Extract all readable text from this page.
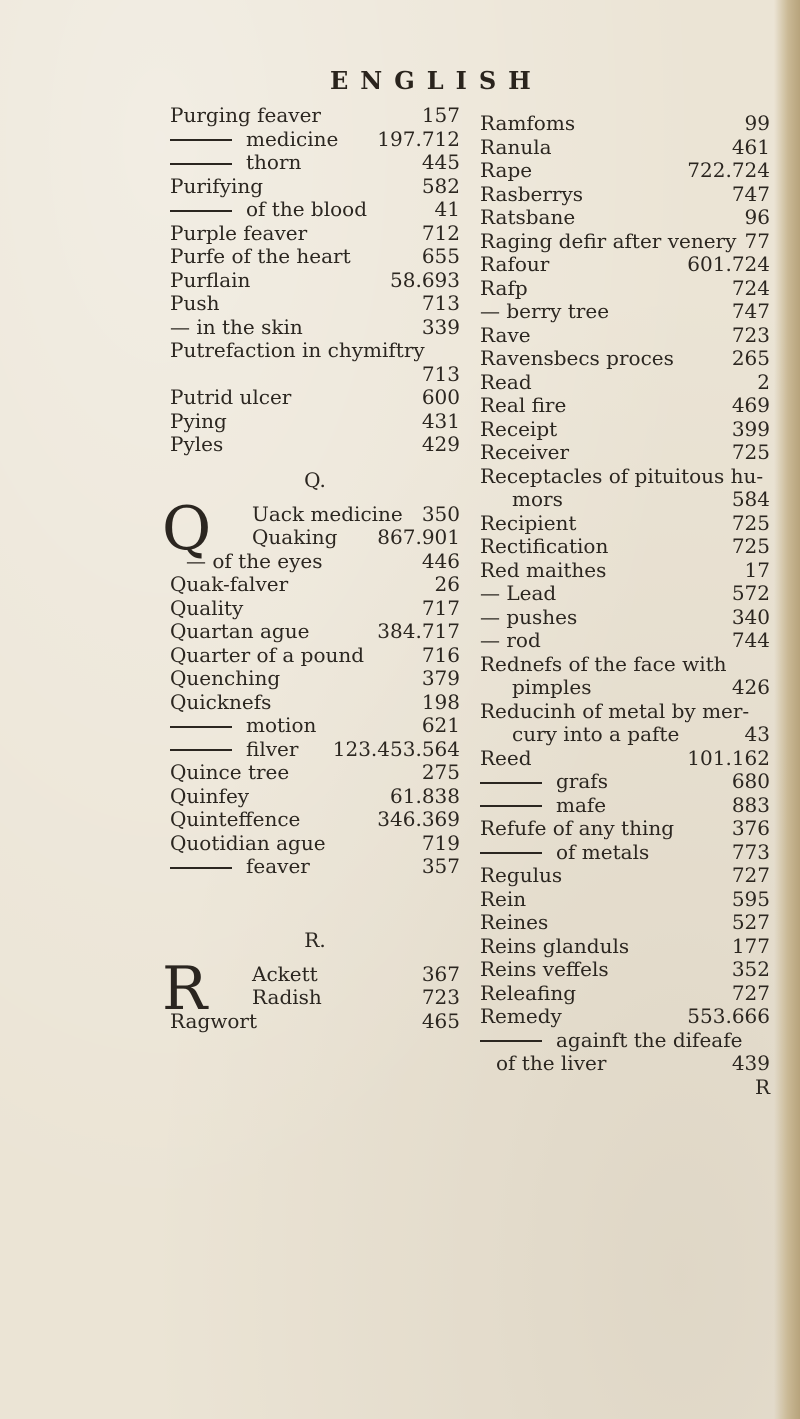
ENGLISH
Purging feaver	157
medicine 197.712
thorn	445
Purifying	582
of the blood	41
Purple feaver	712
Purfe of the heart	655
Purflain	58.693
Push	713
— in the skin	339
Putrefaction in chymiftry
713
Putrid ulcer	600
Pying	431
Pyles	429
Q.
Q Uack medicine 350
Quaking 867.901
— of the eyes	446
Quak-falver	26
Quality	717
Quartan ague	384.717
Quarter of a pound	716
Quenching	379
Quicknefs	198
motion	621
filver 123.453.564
Quince tree	275
Quinfey	61.838
Quinteffence	346.369
Quotidian ague	719
feaver	357
R.
R Ackett	367
Radish	723
Ragwort	465
Ramfoms	99
Ranula	461
Rape	722.724
Rasberrys	747
Ratsbane	96
Raging defir after venery 77
Rafour	601.724
Rafp	724
— berry tree	747
Rave	723
Ravensbecs proces	265
Read	2
Real fire	469
Receipt	399
Receiver	725
Receptacles of pituitous hu-
mors	584
Recipient	725
Rectification	725
Red maithes	17
— Lead	572
— pushes	340
— rod	744
Rednefs of the face with
pimples	426
Reducinh of metal by mer-
cury into a pafte	43
Reed	101.162
grafs	680
mafe	883
Refufe of any thing	376
of metals	773
Regulus	727
Rein	595
Reines	527
Reins glanduls	177
Reins veffels	352
Releafing	727
Remedy	553.666
againft the difeafe
of the liver	439
R
